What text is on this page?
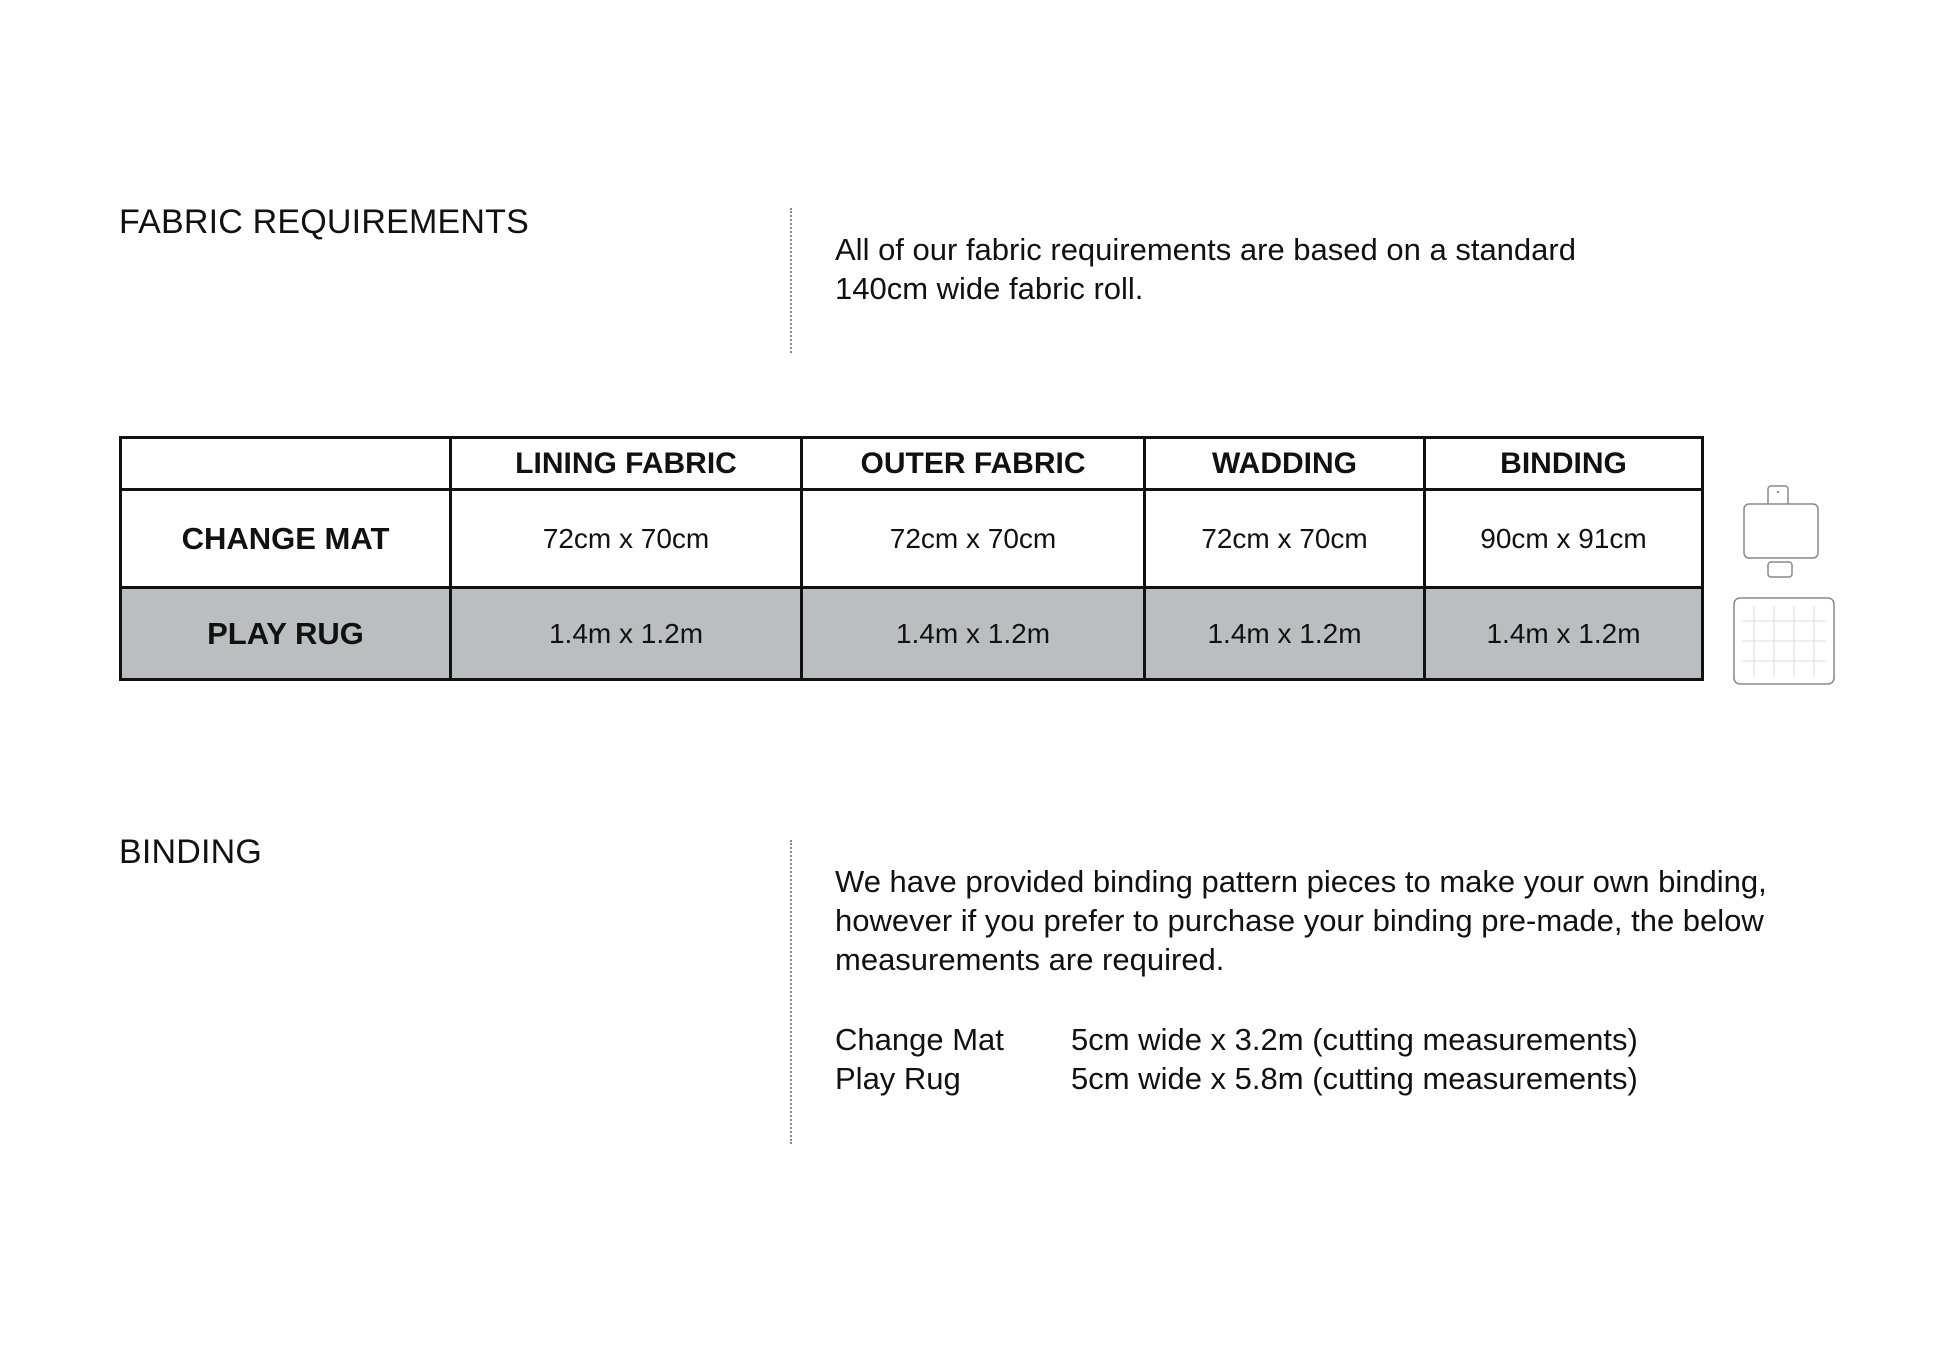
FABRIC REQUIREMENTS

All of our fabric requirements are based on a standard
140cm wide fabric roll.

	LINING FABRIC	OUTER FABRIC	WADDING	BINDING
CHANGE MAT	72cm x 70cm	72cm x 70cm	72cm x 70cm	90cm x 91cm
PLAY RUG	1.4m x 1.2m	1.4m x 1.2m	1.4m x 1.2m	1.4m x 1.2m
BINDING

We have provided binding pattern pieces to make your own binding,
however if you prefer to purchase your binding pre-made, the below
measurements are required.

Change Mat	5cm wide x 3.2m (cutting measurements)
Play Rug	5cm wide x 5.8m (cutting measurements)
